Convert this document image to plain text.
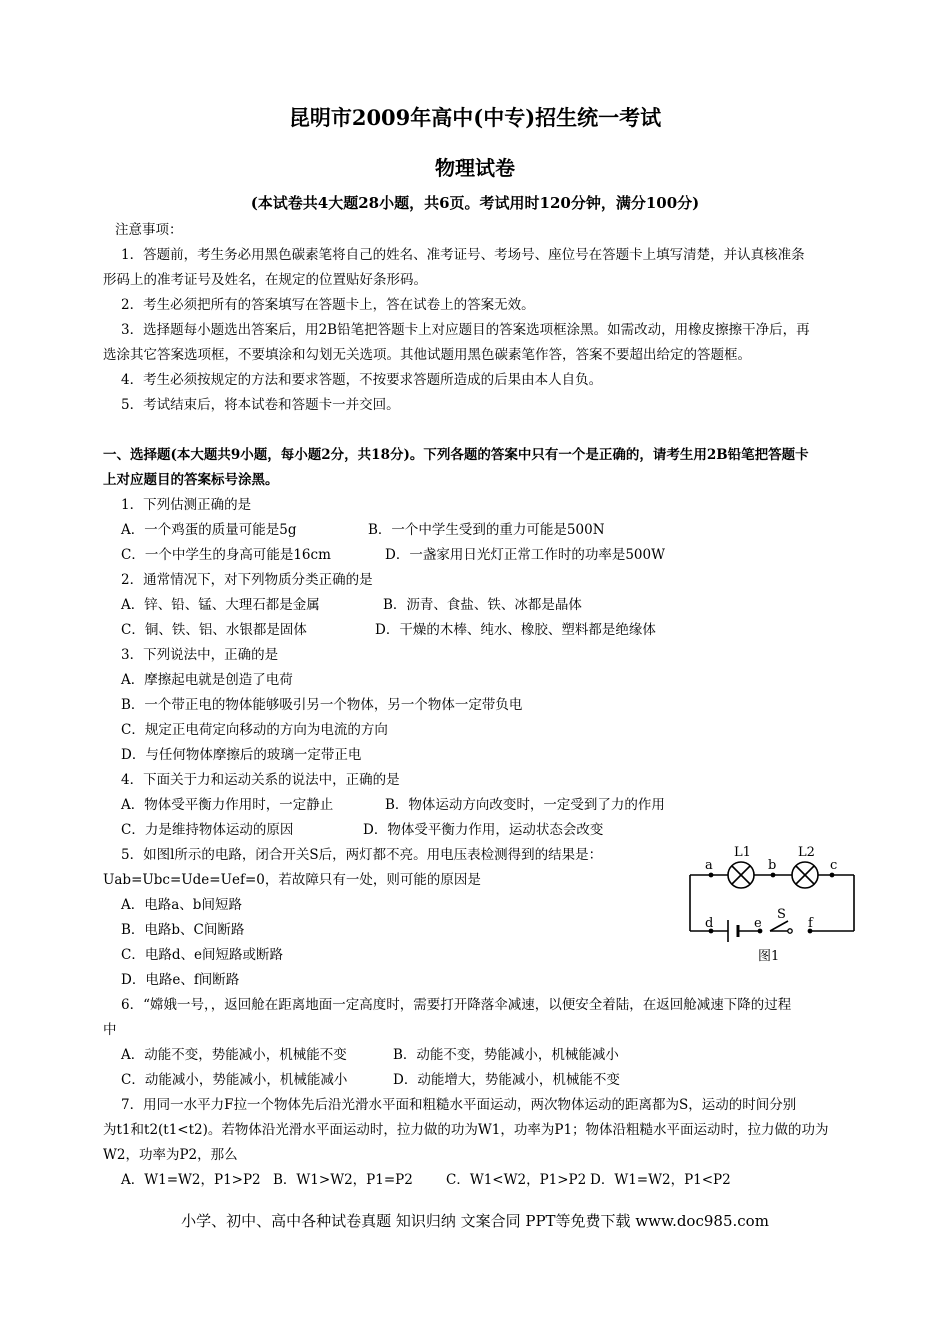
昆明市2009年高中(中专)招生统一考试
物理试卷
(本试卷共4大题28小题，共6页。考试用时120分钟，满分100分)
注意事项：
1．答题前，考生务必用黑色碳素笔将自己的姓名、准考证号、考场号、座位号在答题卡上填写清楚，并认真核准条
形码上的准考证号及姓名，在规定的位置贴好条形码。
2．考生必须把所有的答案填写在答题卡上，答在试卷上的答案无效。
3．选择题每小题选出答案后，用2B铅笔把答题卡上对应题目的答案选项框涂黑。如需改动，用橡皮擦擦干净后，再
选涂其它答案选项框，不要填涂和勾划无关选项。其他试题用黑色碳素笔作答，答案不要超出给定的答题框。
4．考生必须按规定的方法和要求答题，不按要求答题所造成的后果由本人自负。
5．考试结束后，将本试卷和答题卡一并交回。
一、选择题(本大题共9小题，每小题2分，共18分)。下列各题的答案中只有一个是正确的，请考生用2B铅笔把答题卡
上对应题目的答案标号涂黑。
1．下列估测正确的是
A．一个鸡蛋的质量可能是5g	B．一个中学生受到的重力可能是500N
C．一个中学生的身高可能是16cm	D．一盏家用日光灯正常工作时的功率是500W
2．通常情况下，对下列物质分类正确的是
A．锌、铅、锰、大理石都是金属	B．沥青、食盐、铁、冰都是晶体
C．铜、铁、铝、水银都是固体	D．干燥的木棒、纯水、橡胶、塑料都是绝缘体
3．下列说法中，正确的是
A．摩擦起电就是创造了电荷
B．一个带正电的物体能够吸引另一个物体，另一个物体一定带负电
C．规定正电荷定向移动的方向为电流的方向
D．与任何物体摩擦后的玻璃一定带正电
4．下面关于力和运动关系的说法中，正确的是
A．物体受平衡力作用时，一定静止	B．物体运动方向改变时，一定受到了力的作用
C．力是维持物体运动的原因	D．物体受平衡力作用，运动状态会改变
5．如图l所示的电路，闭合开关S后，两灯都不亮。用电压表检测得到的结果是：
Uab=Ubc=Ude=Uef=0，若故障只有一处，则可能的原因是
A．电路a、b间短路
B．电路b、C间断路
C．电路d、e间短路或断路
D．电路e、f间断路
a	b	c
d	e	f
S
L1	L2
图1
6．“嫦娥一号，，返回舱在距离地面一定高度时，需要打开降落伞减速，以便安全着陆，在返回舱减速下降的过程
中
A．动能不变，势能减小，机械能不变	B．动能不变，势能减小，机械能减小
C．动能减小，势能减小，机械能减小	D．动能增大，势能减小，机械能不变
7．用同一水平力F拉一个物体先后沿光滑水平面和粗糙水平面运动，两次物体运动的距离都为S，运动的时间分别
为t1和t2(t1<t2)。若物体沿光滑水平面运动时，拉力做的功为W1，功率为P1；物体沿粗糙水平面运动时，拉力做的功为
W2，功率为P2，那么
A．W1=W2，P1>P2 B．W1>W2，P1=P2 C．W1<W2，P1>P2 D．W1=W2，P1<P2
小学、初中、高中各种试卷真题 知识归纳 文案合同 PPT等免费下载 www.doc985.com
